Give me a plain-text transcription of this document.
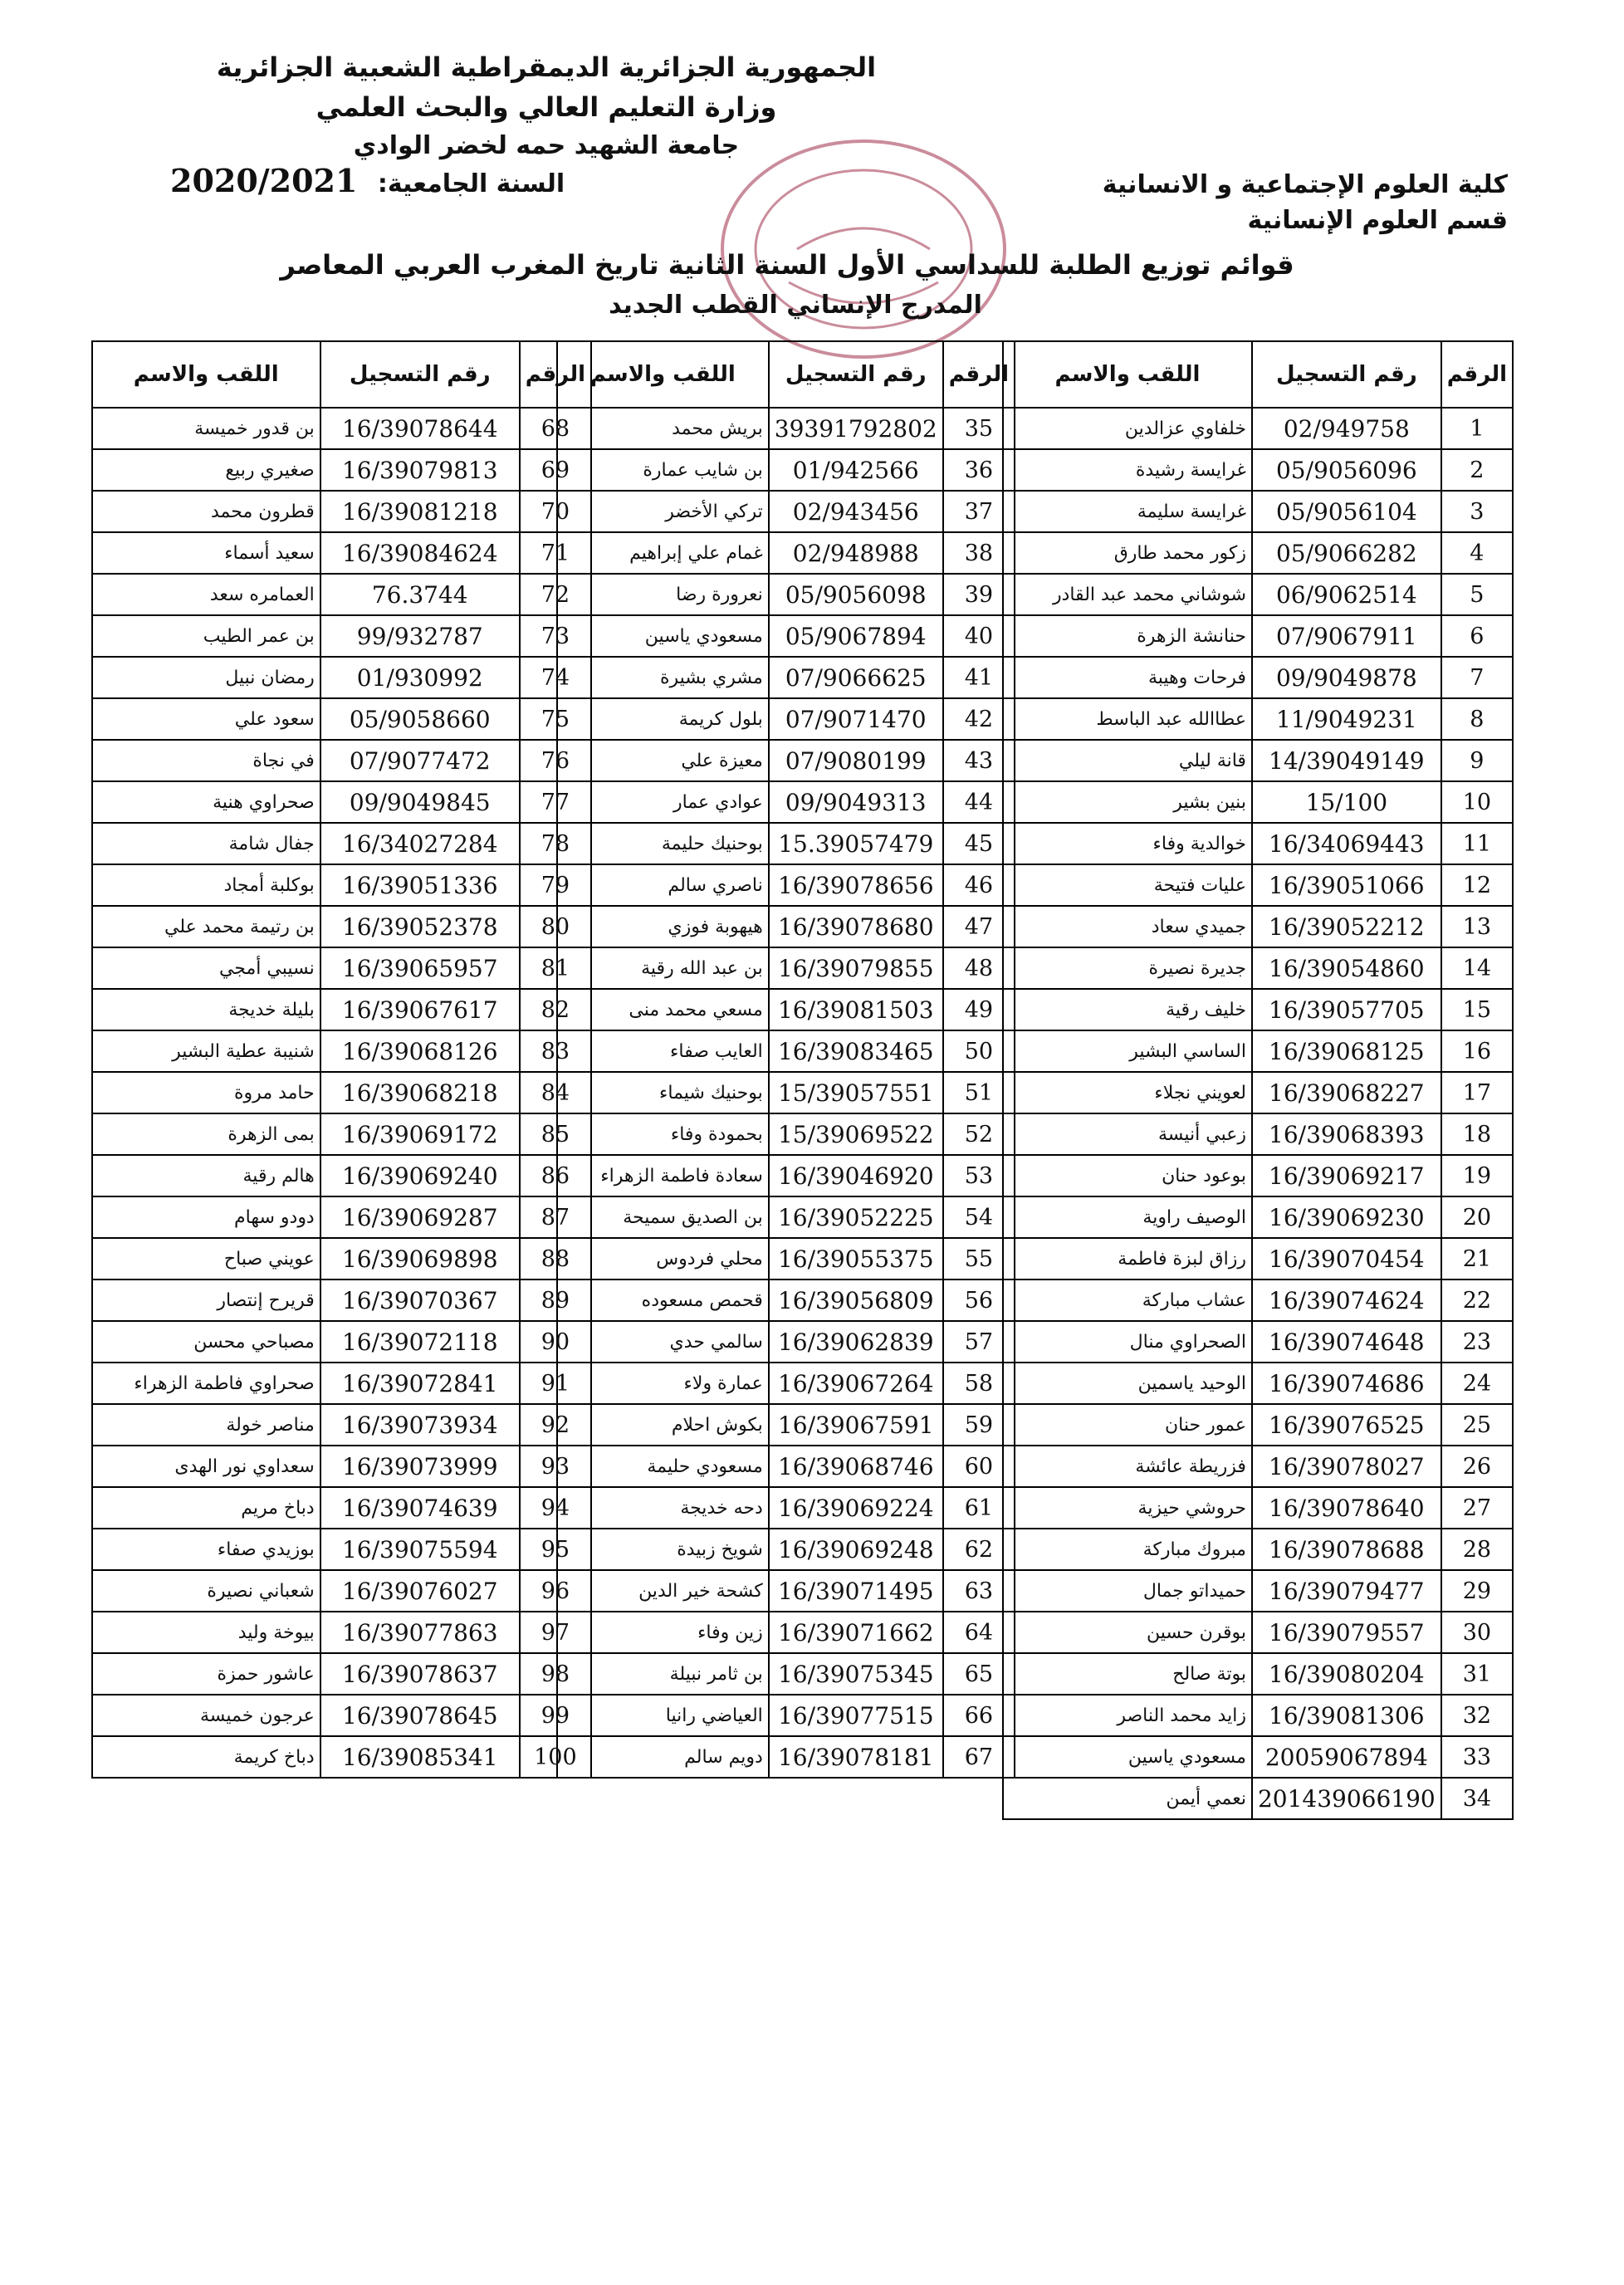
الجمهورية الجزائرية الديمقراطية الشعبية الجزائرية
وزارة التعليم العالي والبحث العلمي
جامعة الشهيد حمه لخضر الوادي
كلية العلوم الإجتماعية و الانسانية
قسم العلوم الإنسانية
السنة الجامعية: 2020/2021
قوائم توزيع الطلبة للسداسي الأول السنة الثانية تاريخ المغرب العربي المعاصر
المدرج الإنساني القطب الجديد
الرقم	رقم التسجيل	اللقب والاسم
1	02/949758	خلفاوي عزالدين
2	05/9056096	غرايسة رشيدة
3	05/9056104	غرايسة سليمة
4	05/9066282	زكور محمد طارق
5	06/9062514	شوشاني محمد عبد القادر
6	07/9067911	حنانشة الزهرة
7	09/9049878	فرحات وهيبة
8	11/9049231	عطاالله عبد الباسط
9	14/39049149	قانة ليلي
10	15/100	بنين بشير
11	16/34069443	خوالدية وفاء
12	16/39051066	عليات فتيحة
13	16/39052212	جميدي سعاد
14	16/39054860	جديرة نصيرة
15	16/39057705	خليف رقية
16	16/39068125	الساسي البشير
17	16/39068227	لعويني نجلاء
18	16/39068393	زعبي أنيسة
19	16/39069217	بوعود حنان
20	16/39069230	الوصيف راوية
21	16/39070454	رزاق لبزة فاطمة
22	16/39074624	عشاب مباركة
23	16/39074648	الصحراوي منال
24	16/39074686	الوحيد ياسمين
25	16/39076525	عمور حنان
26	16/39078027	فزريطة عائشة
27	16/39078640	حروشي حيزية
28	16/39078688	مبروك مباركة
29	16/39079477	حميداتو جمال
30	16/39079557	بوقرن حسين
31	16/39080204	بوتة صالح
32	16/39081306	زايد محمد الناصر
33	20059067894	مسعودي ياسين
34	201439066190	نعمي أيمن
الرقم	رقم التسجيل	اللقب والاسم
35	39391792802	بريش محمد
36	01/942566	بن شايب عمارة
37	02/943456	تركي الأخضر
38	02/948988	غمام علي إبراهيم
39	05/9056098	نعرورة رضا
40	05/9067894	مسعودي ياسين
41	07/9066625	مشري بشيرة
42	07/9071470	بلول كريمة
43	07/9080199	معيزة علي
44	09/9049313	عوادي عمار
45	15.39057479	بوحنيك حليمة
46	16/39078656	ناصري سالم
47	16/39078680	هيهوبة فوزي
48	16/39079855	بن عبد الله رقية
49	16/39081503	مسعي محمد منى
50	16/39083465	العايب صفاء
51	15/39057551	بوحنيك شيماء
52	15/39069522	بحمودة وفاء
53	16/39046920	سعادة فاطمة الزهراء
54	16/39052225	بن الصديق سميحة
55	16/39055375	محلي فردوس
56	16/39056809	قحمص مسعوده
57	16/39062839	سالمي حدي
58	16/39067264	عمارة ولاء
59	16/39067591	بكوش احلام
60	16/39068746	مسعودي حليمة
61	16/39069224	دحه خديجة
62	16/39069248	شويخ زبيدة
63	16/39071495	كشحة خير الدين
64	16/39071662	زين وفاء
65	16/39075345	بن ثامر نبيلة
66	16/39077515	العياضي رانيا
67	16/39078181	دويم سالم
الرقم	رقم التسجيل	اللقب والاسم
68	16/39078644	بن قدور خميسة
69	16/39079813	صغيري ربيع
70	16/39081218	قطرون محمد
71	16/39084624	سعيد أسماء
72	76.3744	العمامره سعد
73	99/932787	بن عمر الطيب
74	01/930992	رمضان نبيل
75	05/9058660	سعود علي
76	07/9077472	في نجاة
77	09/9049845	صحراوي هنية
78	16/34027284	جفال شامة
79	16/39051336	بوكلبة أمجاد
80	16/39052378	بن رتيمة محمد علي
81	16/39065957	نسيبي أمجي
82	16/39067617	بليلة خديجة
83	16/39068126	شنيبة عطية البشير
84	16/39068218	حامد مروة
85	16/39069172	بمى الزهرة
86	16/39069240	هالم رقية
87	16/39069287	دودو سهام
88	16/39069898	عويني صباح
89	16/39070367	قريرح إنتصار
90	16/39072118	مصباحي محسن
91	16/39072841	صحراوي فاطمة الزهراء
92	16/39073934	مناصر خولة
93	16/39073999	سعداوي نور الهدى
94	16/39074639	دباخ مريم
95	16/39075594	بوزيدي صفاء
96	16/39076027	شعباني نصيرة
97	16/39077863	بيوخة وليد
98	16/39078637	عاشور حمزة
99	16/39078645	عرجون خميسة
100	16/39085341	دباخ كريمة
